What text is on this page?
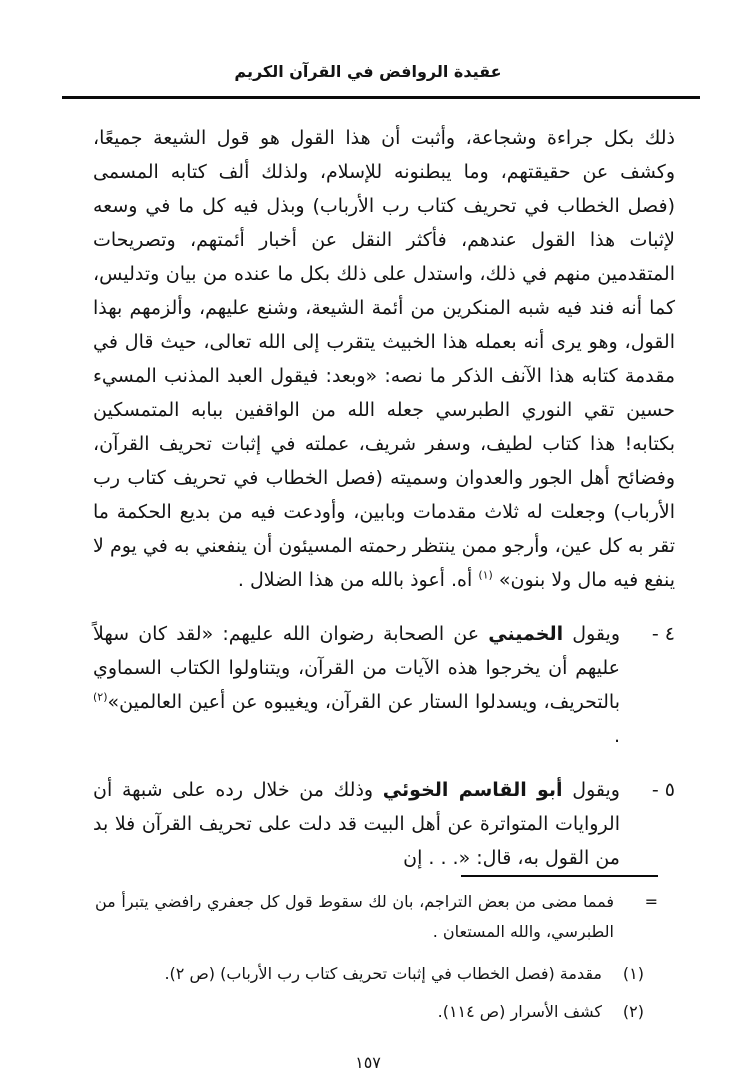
عقيدة الروافض في القرآن الكريم

ذلك بكل جراءة وشجاعة، وأثبت أن هذا القول هو قول الشيعة جميعًا، وكشف عن حقيقتهم، وما يبطنونه للإسلام، ولذلك ألف كتابه المسمى (فصل الخطاب في تحريف كتاب رب الأرباب) وبذل فيه كل ما في وسعه لإثبات هذا القول عندهم، فأكثر النقل عن أخبار أئمتهم، وتصريحات المتقدمين منهم في ذلك، واستدل على ذلك بكل ما عنده من بيان وتدليس، كما أنه فند فيه شبه المنكرين من أئمة الشيعة، وشنع عليهم، وألزمهم بهذا القول، وهو يرى أنه بعمله هذا الخبيث يتقرب إلى الله تعالى، حيث قال في مقدمة كتابه هذا الآنف الذكر ما نصه: «وبعد: فيقول العبد المذنب المسيء حسين تقي النوري الطبرسي جعله الله من الواقفين ببابه المتمسكين بكتابه! هذا كتاب لطيف، وسفر شريف، عملته في إثبات تحريف القرآن، وفضائح أهل الجور والعدوان وسميته (فصل الخطاب في تحريف كتاب رب الأرباب) وجعلت له ثلاث مقدمات وبابين، وأودعت فيه من بديع الحكمة ما تقر به كل عين، وأرجو ممن ينتظر رحمته المسيئون أن ينفعني به في يوم لا ينفع فيه مال ولا بنون» $^{(١)}$ أه. أعوذ بالله من هذا الضلال .

٤ -

ويقول الخميني عن الصحابة رضوان الله عليهم: «لقد كان سهلاً عليهم أن يخرجوا هذه الآيات من القرآن، ويتناولوا الكتاب السماوي بالتحريف، ويسدلوا الستار عن القرآن، ويغيبوه عن أعين العالمين»$^{(٢)}$ .

٥ -

ويقول أبو القاسم الخوئي وذلك من خلال رده على شبهة أن الروايات المتواترة عن أهل البيت قد دلت على تحريف القرآن فلا بد من القول به، قال: «. . . إن

=

فمما مضى من بعض التراجم، بان لك سقوط قول كل جعفري رافضي يتبرأ من الطبرسي، والله المستعان .

(١)

مقدمة (فصل الخطاب في إثبات تحريف كتاب رب الأرباب) (ص ٢).

(٢)

كشف الأسرار (ص ١١٤).

١٥٧
